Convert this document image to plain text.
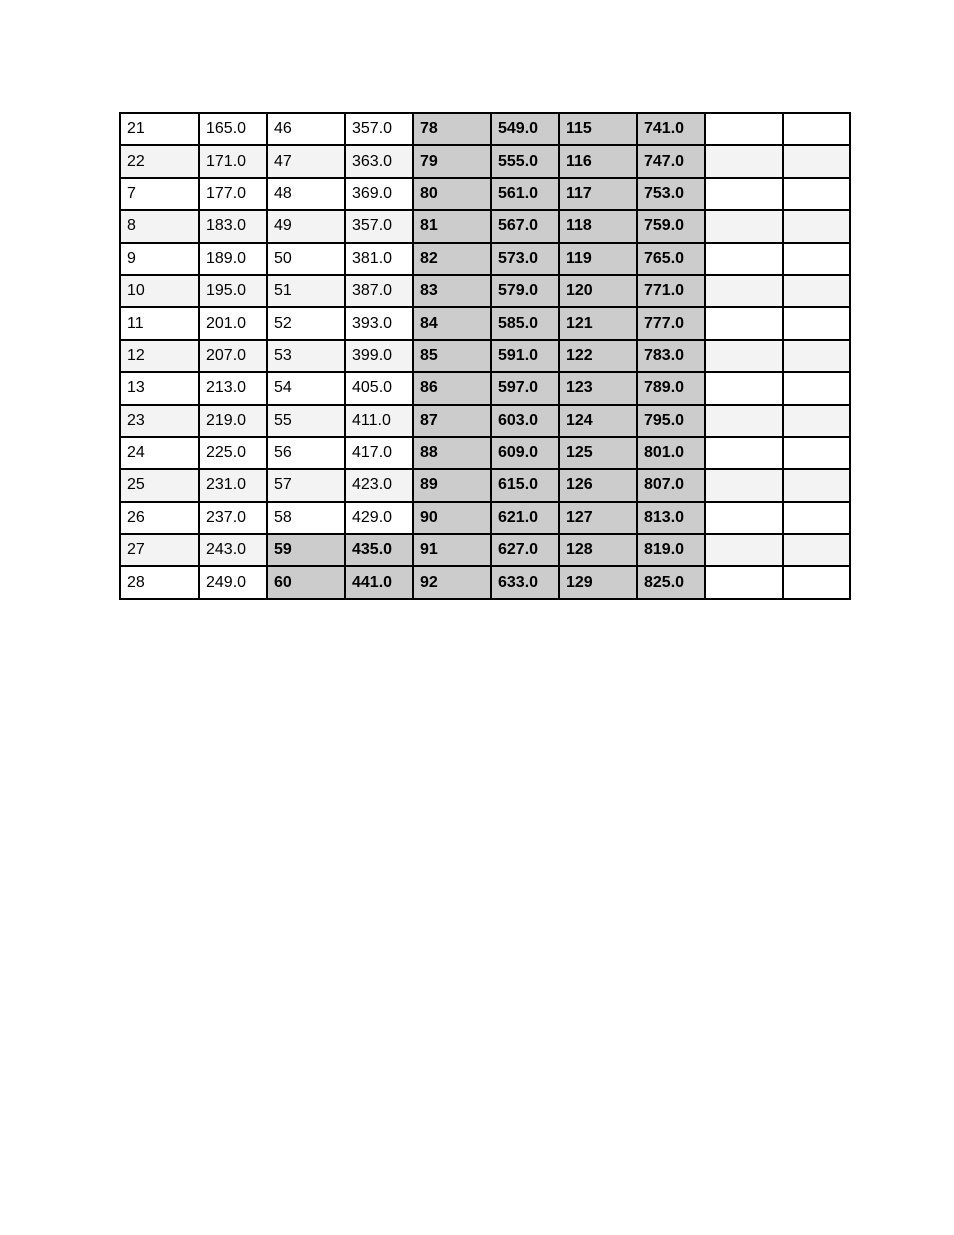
21	165.0	46	357.0	78	549.0	115	741.0		
22	171.0	47	363.0	79	555.0	116	747.0		
7	177.0	48	369.0	80	561.0	117	753.0		
8	183.0	49	357.0	81	567.0	118	759.0		
9	189.0	50	381.0	82	573.0	119	765.0		
10	195.0	51	387.0	83	579.0	120	771.0		
11	201.0	52	393.0	84	585.0	121	777.0		
12	207.0	53	399.0	85	591.0	122	783.0		
13	213.0	54	405.0	86	597.0	123	789.0		
23	219.0	55	411.0	87	603.0	124	795.0		
24	225.0	56	417.0	88	609.0	125	801.0		
25	231.0	57	423.0	89	615.0	126	807.0		
26	237.0	58	429.0	90	621.0	127	813.0		
27	243.0	59	435.0	91	627.0	128	819.0		
28	249.0	60	441.0	92	633.0	129	825.0		
